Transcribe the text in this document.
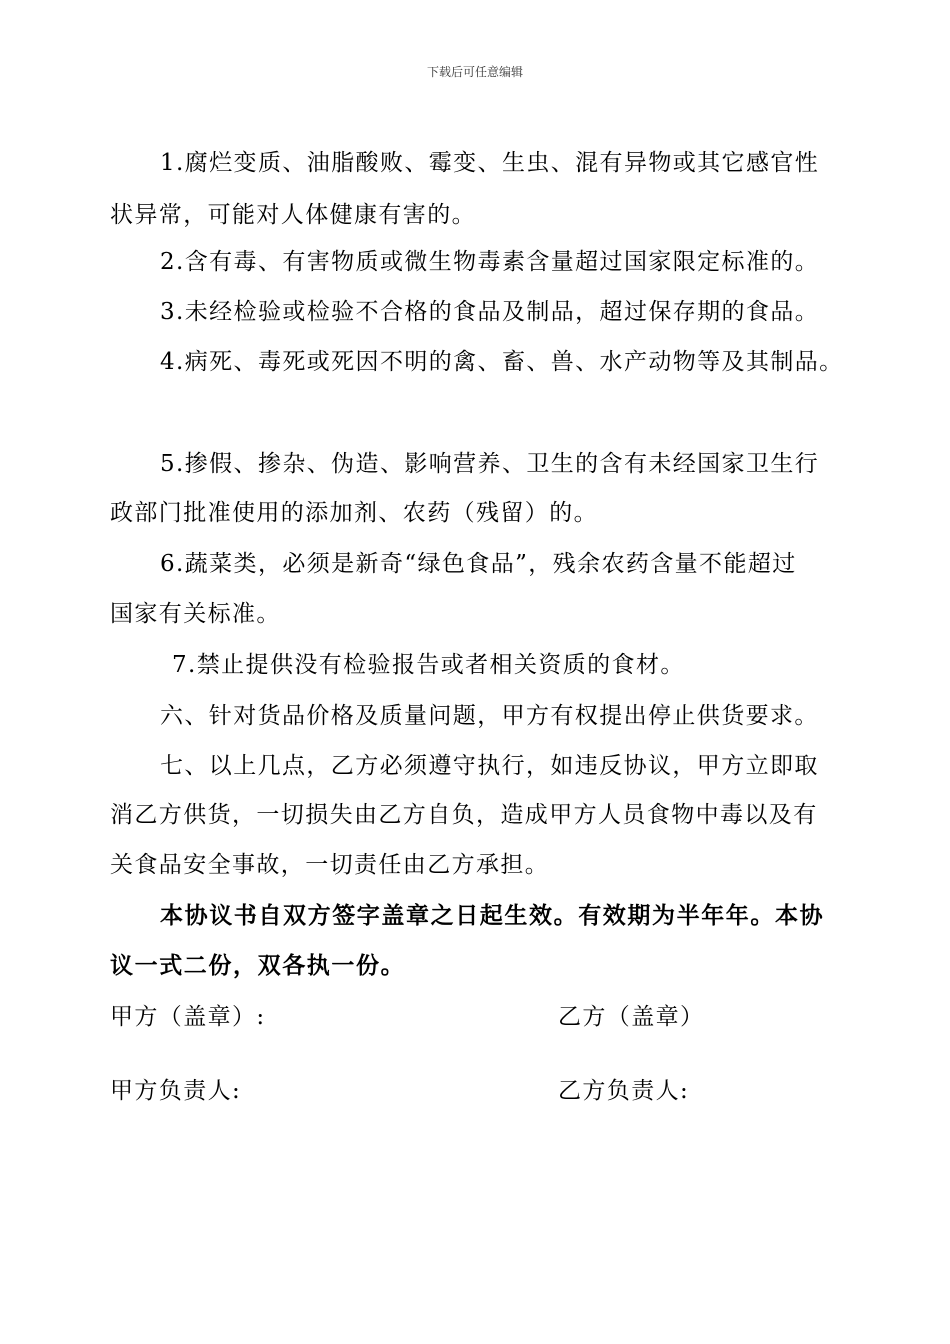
下载后可任意编辑
1.腐烂变质、油脂酸败、霉变、生虫、混有异物或其它感官性
状异常，可能对人体健康有害的。
2.含有毒、有害物质或微生物毒素含量超过国家限定标准的。
3.未经检验或检验不合格的食品及制品，超过保存期的食品。
4.病死、毒死或死因不明的禽、畜、兽、水产动物等及其制品。
5.掺假、掺杂、伪造、影响营养、卫生的含有未经国家卫生行
政部门批准使用的添加剂、农药（残留）的。
6.蔬菜类，必须是新奇“绿色食品”，残余农药含量不能超过
国家有关标准。
7.禁止提供没有检验报告或者相关资质的食材。
六、针对货品价格及质量问题，甲方有权提出停止供货要求。
七、以上几点，乙方必须遵守执行，如违反协议，甲方立即取
消乙方供货，一切损失由乙方自负，造成甲方人员食物中毒以及有
关食品安全事故，一切责任由乙方承担。
本协议书自双方签字盖章之日起生效。有效期为半年年。本协
议一式二份，双各执一份。
甲方（盖章）:	乙方（盖章）
甲方负责人:	乙方负责人:
